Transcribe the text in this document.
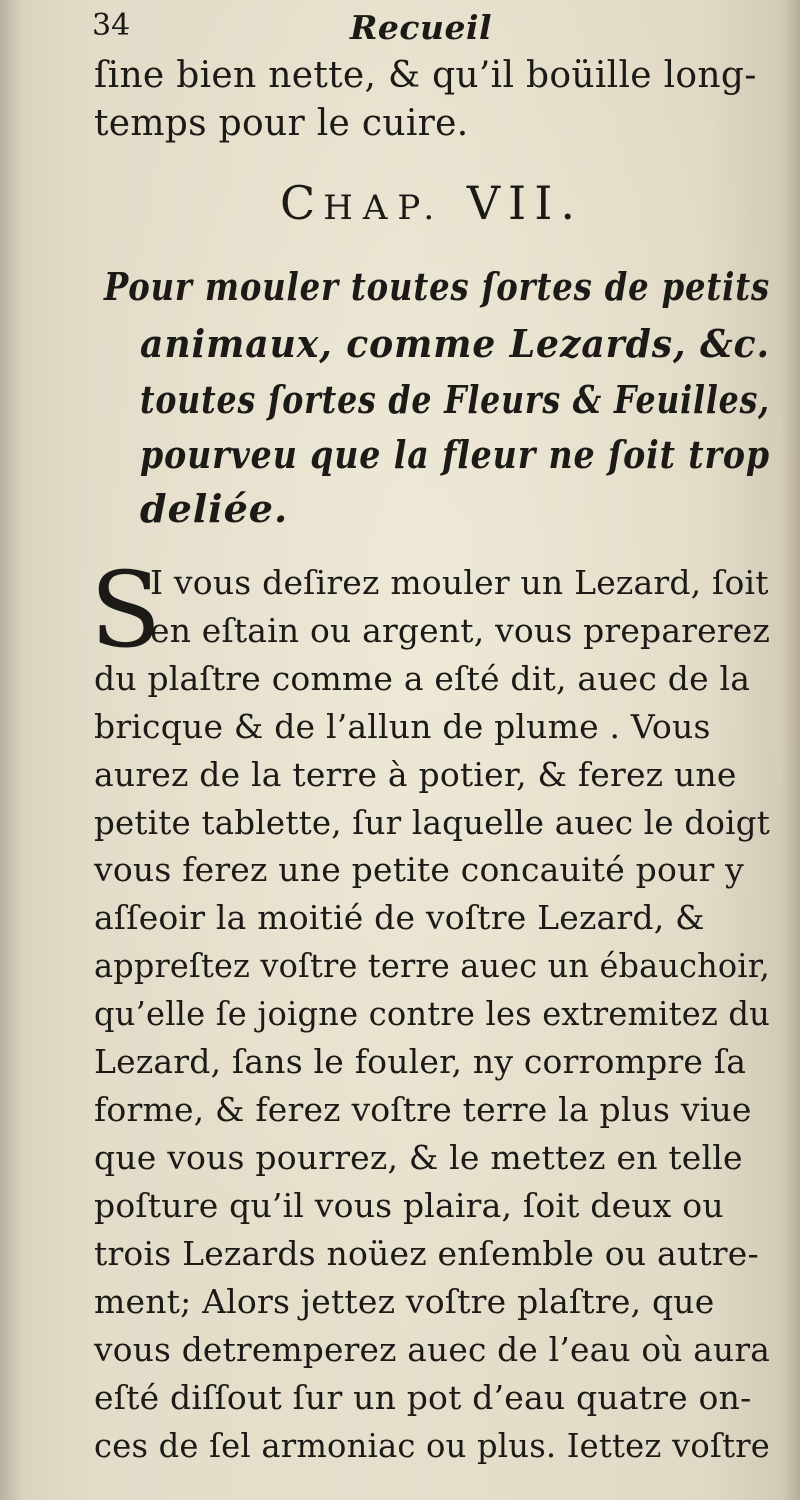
34	Recueil
ſine bien nette, & qu’il boüille long-
temps pour le cuire.
CHAP. VII.
Pour mouler toutes ſortes de petits
animaux, comme Lezards, &c.
toutes ſortes de Fleurs & Feuilles,
pourveu que la fleur ne ſoit trop
deliée.
S
I vous deſirez mouler un Lezard, ſoit
en eſtain ou argent, vous preparerez
du plaſtre comme a eſté dit, auec de la
bricque & de l’allun de plume . Vous
aurez de la terre à potier, & ferez une
petite tablette, ſur laquelle auec le doigt
vous ferez une petite concauité pour y
aſſeoir la moitié de voſtre Lezard, &
appreſtez voſtre terre auec un ébauchoir,
qu’elle ſe joigne contre les extremitez du
Lezard, ſans le fouler, ny corrompre ſa
forme, & ferez voſtre terre la plus viue
que vous pourrez, & le mettez en telle
poſture qu’il vous plaira, ſoit deux ou
trois Lezards noüez enſemble ou autre-
ment; Alors jettez voſtre plaſtre, que
vous detremperez auec de l’eau où aura
eſté diſſout ſur un pot d’eau quatre on-
ces de ſel armoniac ou plus. Iettez voſtre
